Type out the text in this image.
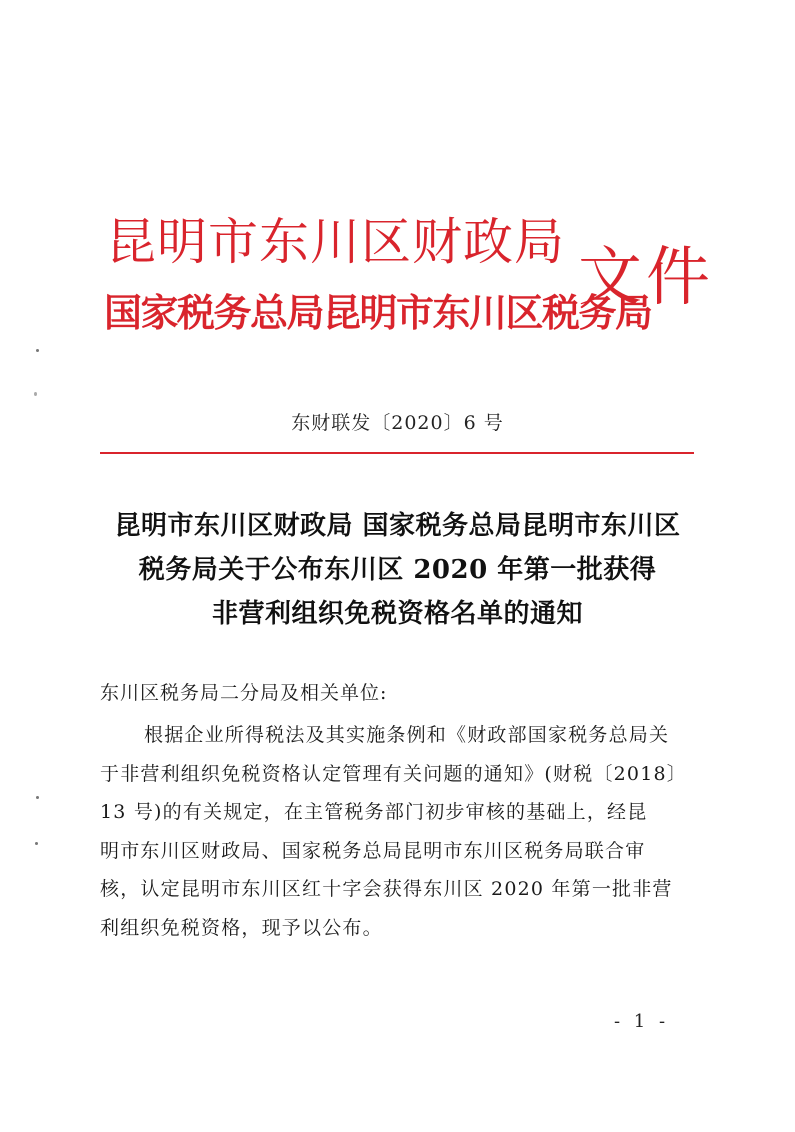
昆明市东川区财政局
国家税务总局昆明市东川区税务局
文件
东财联发〔2020〕6 号
昆明市东川区财政局 国家税务总局昆明市东川区
税务局关于公布东川区 2020 年第一批获得
非营利组织免税资格名单的通知
东川区税务局二分局及相关单位:
根据企业所得税法及其实施条例和《财政部国家税务总局关
于非营利组织免税资格认定管理有关问题的通知》(财税〔2018〕
13 号)的有关规定，在主管税务部门初步审核的基础上，经昆
明市东川区财政局、国家税务总局昆明市东川区税务局联合审
核，认定昆明市东川区红十字会获得东川区 2020 年第一批非营
利组织免税资格，现予以公布。
- 1 -
